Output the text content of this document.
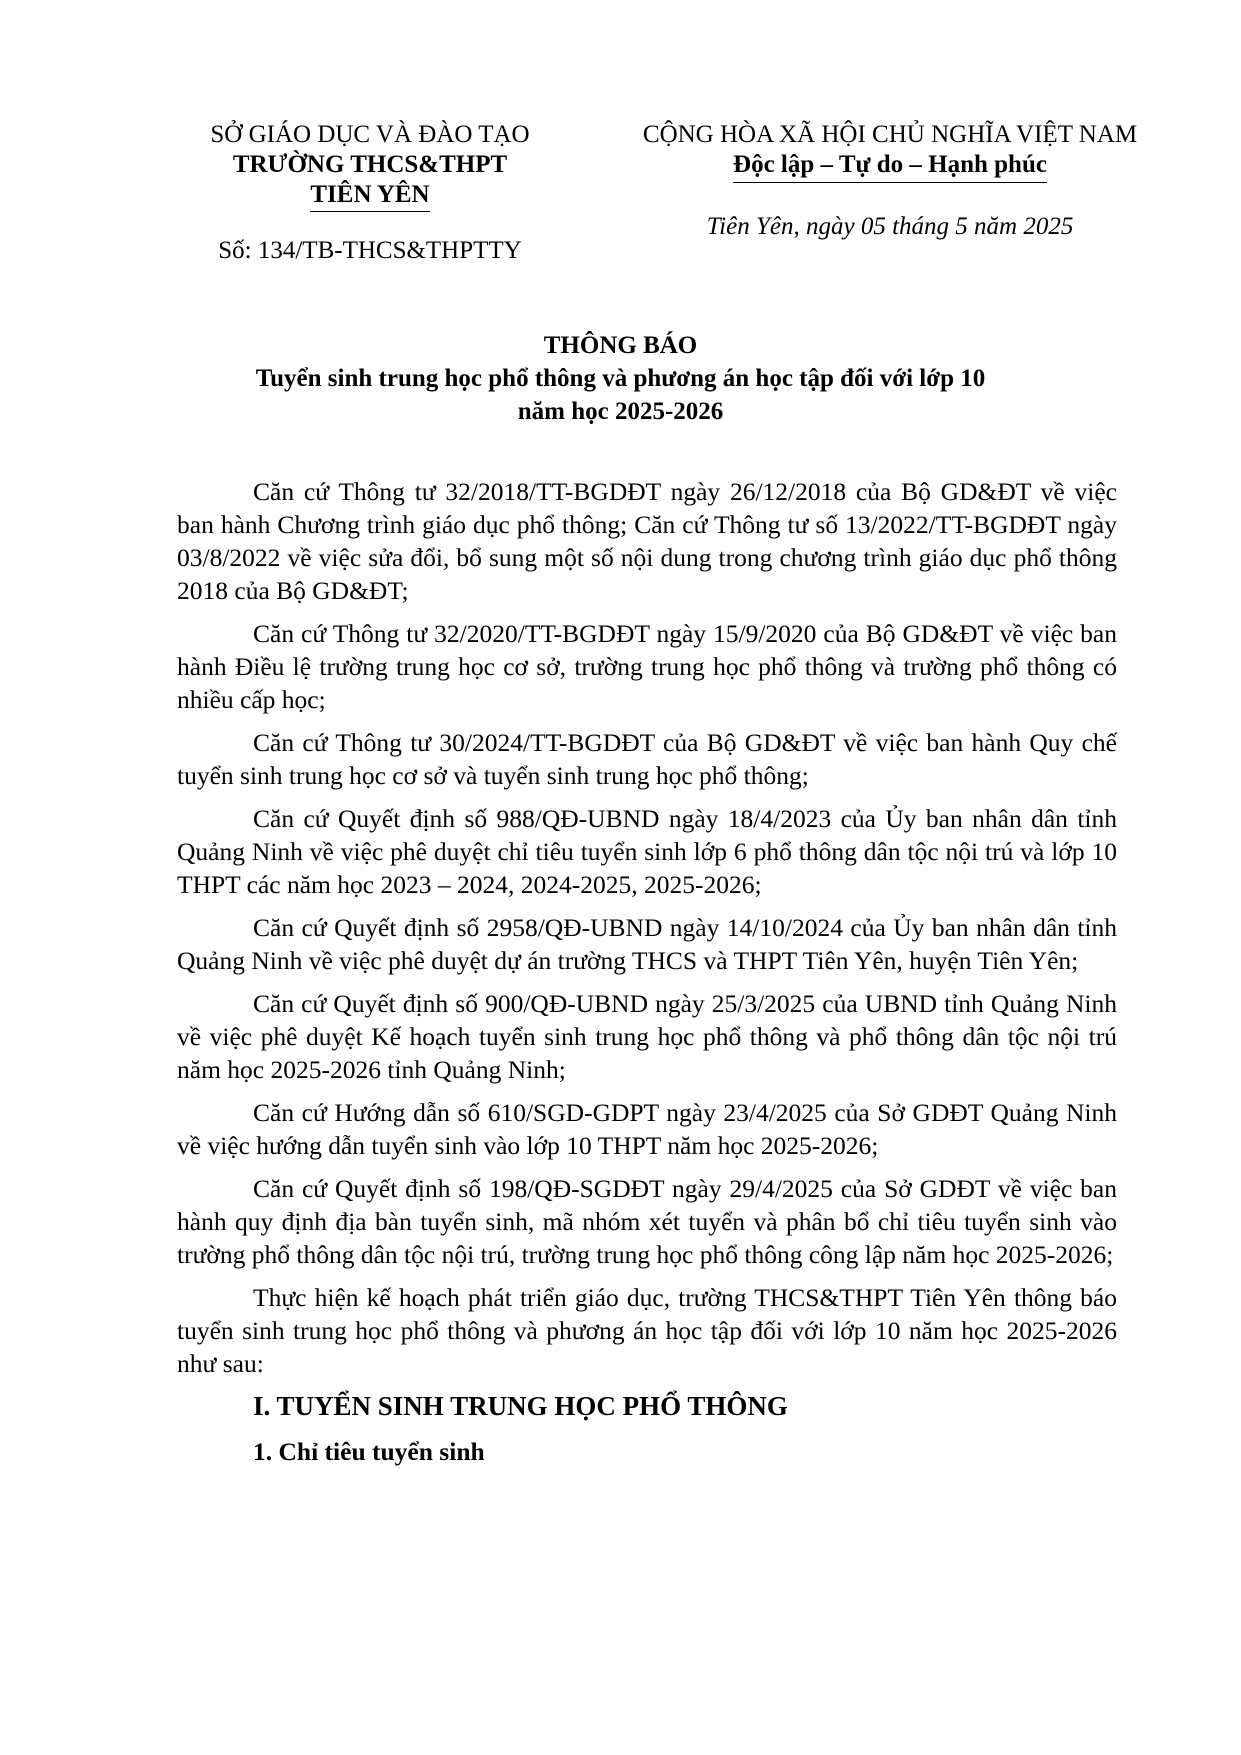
SỞ GIÁO DỤC VÀ ĐÀO TẠO
TRƯỜNG THCS&THPT
TIÊN YÊN
Số: 134/TB-THCS&THPTTY
CỘNG HÒA XÃ HỘI CHỦ NGHĨA VIỆT NAM
Độc lập – Tự do – Hạnh phúc
Tiên Yên, ngày 05 tháng 5 năm 2025
THÔNG BÁO
Tuyển sinh trung học phổ thông và phương án học tập đối với lớp 10
năm học 2025-2026

Căn cứ Thông tư 32/2018/TT-BGDĐT ngày 26/12/2018 của Bộ GD&ĐT về việc ban hành Chương trình giáo dục phổ thông; Căn cứ Thông tư số 13/2022/TT-BGDĐT ngày 03/8/2022 về việc sửa đổi, bổ sung một số nội dung trong chương trình giáo dục phổ thông 2018 của Bộ GD&ĐT;

Căn cứ Thông tư 32/2020/TT-BGDĐT ngày 15/9/2020 của Bộ GD&ĐT về việc ban hành Điều lệ trường trung học cơ sở, trường trung học phổ thông và trường phổ thông có nhiều cấp học;

Căn cứ Thông tư 30/2024/TT-BGDĐT của Bộ GD&ĐT về việc ban hành Quy chế tuyển sinh trung học cơ sở và tuyển sinh trung học phổ thông;

Căn cứ Quyết định số 988/QĐ-UBND ngày 18/4/2023 của Ủy ban nhân dân tỉnh Quảng Ninh về việc phê duyệt chỉ tiêu tuyển sinh lớp 6 phổ thông dân tộc nội trú và lớp 10 THPT các năm học 2023 – 2024, 2024-2025, 2025-2026;

Căn cứ Quyết định số 2958/QĐ-UBND ngày 14/10/2024 của Ủy ban nhân dân tỉnh Quảng Ninh về việc phê duyệt dự án trường THCS và THPT Tiên Yên, huyện Tiên Yên;

Căn cứ Quyết định số 900/QĐ-UBND ngày 25/3/2025 của UBND tỉnh Quảng Ninh về việc phê duyệt Kế hoạch tuyển sinh trung học phổ thông và phổ thông dân tộc nội trú năm học 2025-2026 tỉnh Quảng Ninh;

Căn cứ Hướng dẫn số 610/SGD-GDPT ngày 23/4/2025 của Sở GDĐT Quảng Ninh về việc hướng dẫn tuyển sinh vào lớp 10 THPT năm học 2025-2026;

Căn cứ Quyết định số 198/QĐ-SGDĐT ngày 29/4/2025 của Sở GDĐT về việc ban hành quy định địa bàn tuyển sinh, mã nhóm xét tuyển và phân bổ chỉ tiêu tuyển sinh vào trường phổ thông dân tộc nội trú, trường trung học phổ thông công lập năm học 2025-2026;

Thực hiện kế hoạch phát triển giáo dục, trường THCS&THPT Tiên Yên thông báo tuyển sinh trung học phổ thông và phương án học tập đối với lớp 10 năm học 2025-2026 như sau:

I. TUYỂN SINH TRUNG HỌC PHỔ THÔNG

1. Chỉ tiêu tuyển sinh
